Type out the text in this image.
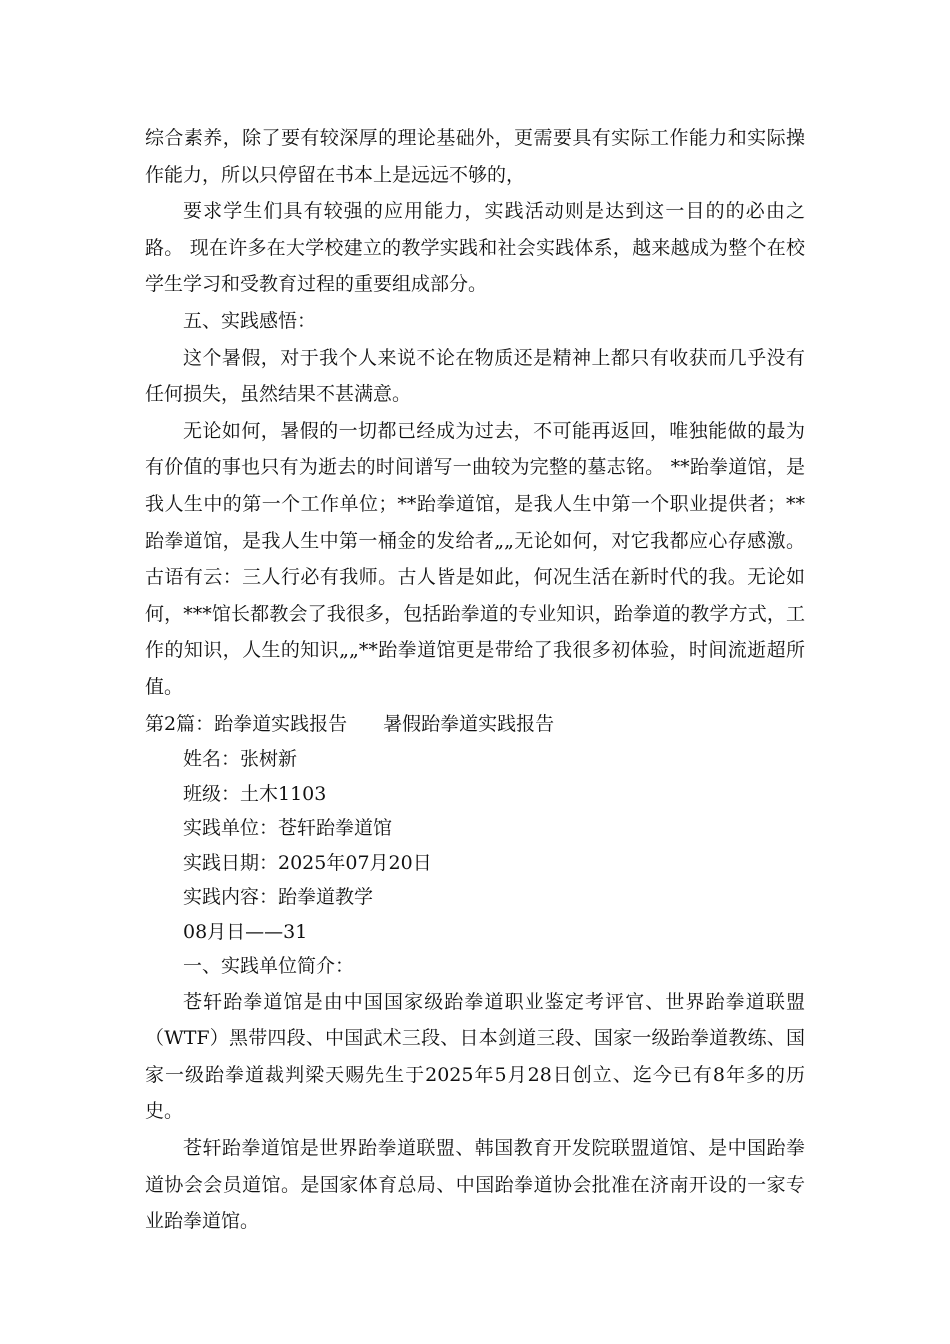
综合素养，除了要有较深厚的理论基础外，更需要具有实际工作能力和实际操作能力，所以只停留在书本上是远远不够的，

要求学生们具有较强的应用能力，实践活动则是达到这一目的的必由之路。 现在许多在大学校建立的教学实践和社会实践体系，越来越成为整个在校学生学习和受教育过程的重要组成部分。

五、实践感悟：

这个暑假，对于我个人来说不论在物质还是精神上都只有收获而几乎没有任何损失，虽然结果不甚满意。

无论如何，暑假的一切都已经成为过去，不可能再返回，唯独能做的最为有价值的事也只有为逝去的时间谱写一曲较为完整的墓志铭。 **跆拳道馆，是我人生中的第一个工作单位；**跆拳道馆，是我人生中第一个职业提供者；**跆拳道馆，是我人生中第一桶金的发给者„„无论如何，对它我都应心存感激。古语有云：三人行必有我师。古人皆是如此，何况生活在新时代的我。无论如何，***馆长都教会了我很多，包括跆拳道的专业知识，跆拳道的教学方式，工作的知识，人生的知识„„**跆拳道馆更是带给了我很多初体验，时间流逝超所值。

第2篇：跆拳道实践报告 暑假跆拳道实践报告

姓名：张树新

班级：土木1103

实践单位：苍轩跆拳道馆

实践日期：2025年07月20日

实践内容：跆拳道教学

08月日——31

一、实践单位简介：

苍轩跆拳道馆是由中国国家级跆拳道职业鉴定考评官、世界跆拳道联盟（WTF）黑带四段、中国武术三段、日本剑道三段、国家一级跆拳道教练、国家一级跆拳道裁判梁天赐先生于2025年5月28日创立、迄今已有8年多的历史。

苍轩跆拳道馆是世界跆拳道联盟、韩国教育开发院联盟道馆、是中国跆拳道协会会员道馆。是国家体育总局、中国跆拳道协会批准在济南开设的一家专业跆拳道馆。
